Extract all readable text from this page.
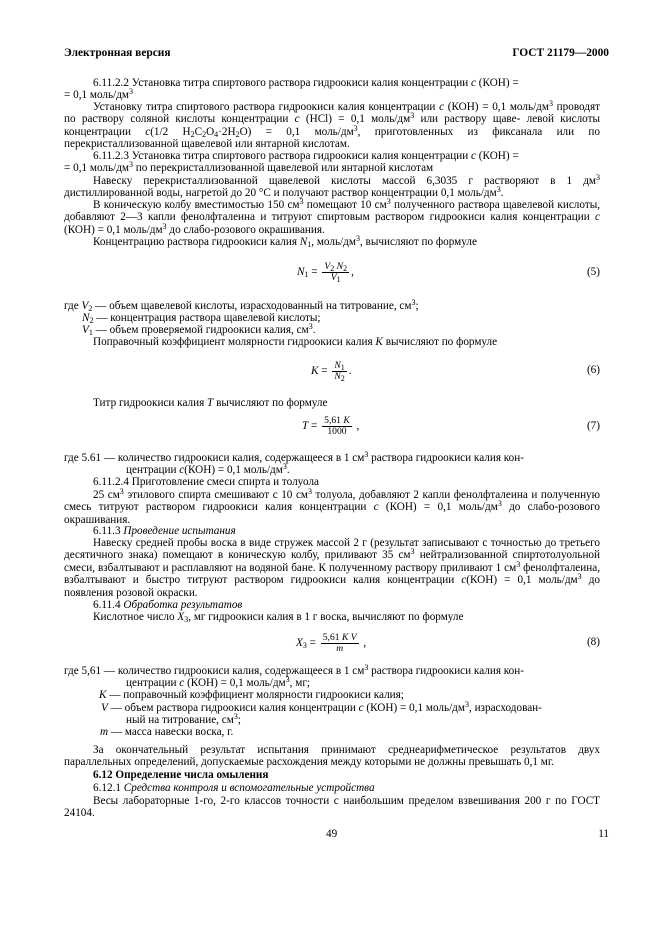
Электронная версия	ГОСТ 21179—2000
6.11.2.2 Установка титра спиртового раствора гидроокиси калия концентрации c (КОН) =
= 0,1 моль/$дм^3$
Установку титра спиртового раствора гидроокиси калия концентрации c (КОН) = 0,1 моль/$дм^3$ проводят по раствору соляной кислоты концентрации c (HCl) = 0,1 моль/$дм^3$ или раствору щаве- левой кислоты концентрации c(1/2 $H_2C_2O_4\cdot 2H_2O) = 0,1$ моль/$дм^3$, приготовленных из фиксанала или по перекристаллизованной щавелевой или янтарной кислотам.
6.11.2.3 Установка титра спиртового раствора гидроокиси калия концентрации c (КОН) =
= 0,1 моль/$дм^3$ по перекристаллизованной щавелевой или янтарной кислотам
Навеску перекристаллизованной щавелевой кислоты массой 6,3035 г растворяют в 1 $дм^3$ дистиллированной воды, нагретой до 20 °С и получают раствор концентрации 0,1 моль/$дм^3$.
В коническую колбу вместимостью 150 $см^3$ помещают 10 $см^3$ полученного раствора щавелевой кислоты, добавляют 2—3 капли фенолфталеина и титруют спиртовым раствором гидроокиси калия концентрации c (КОН) = 0,1 моль/$дм^3$ до слабо-розового окрашивания.
Концентрацию раствора гидроокиси калия $N_1$, моль/$дм^3$, вычисляют по формуле
$N_1 = \frac{V_2 N_2}{V_1}$ ,	(5)
где $V_2$ — объем щавелевой кислоты, израсходованный на титрование, $см^3$;
$N_2$ — концентрация раствора щавелевой кислоты;
$V_1$ — объем проверяемой гидроокиси калия, $см^3$.
Поправочный коэффициент молярности гидроокиси калия K вычисляют по формуле
$K = \frac{N_1}{N_2}$ .	(6)
Титр гидроокиси калия T вычисляют по формуле
$T = \frac{5,61 K}{1000}$ ,	(7)
где 5.61 — количество гидроокиси калия, содержащееся в 1 $см^3$ раствора гидроокиси калия кон-
центрации c(КОН) = 0,1 моль/$дм^3$.
6.11.2.4 Приготовление смеси спирта и толуола
25 $см^3$ этилового спирта смешивают с 10 $см^3$ толуола, добавляют 2 капли фенолфталеина и полученную смесь титруют раствором гидроокиси калия концентрации c (КОН) = 0,1 моль/$дм^3$ до слабо-розового окрашивания.
6.11.3 Проведение испытания
Навеску средней пробы воска в виде стружек массой 2 г (результат записывают с точностью до третьего десятичного знака) помещают в коническую колбу, приливают 35 $см^3$ нейтрализованной спиртотолуольной смеси, взбалтывают и расплавляют на водяной бане. К полученному раствору приливают 1 $см^3$ фенолфталеина, взбалтывают и быстро титруют раствором гидроокиси калия концентрации c(КОН) = 0,1 моль/$дм^3$ до появления розовой окраски.
6.11.4 Обработка результатов
Кислотное число $X_3$, мг гидроокиси калия в 1 г воска, вычисляют по формуле
$X_3 = \frac{\text{5,61 K V}}{m}$ ,	(8)
где 5,61 — количество гидроокиси калия, содержащееся в 1 $см^3$ раствора гидроокиси калия кон-
центрации c (КОН) = 0,1 моль/$дм^3$, мг;
K — поправочный коэффициент молярности гидроокиси калия;
V — объем раствора гидроокиси калия концентрации c (КОН) = 0,1 моль/$дм^3$, израсходован-
ный на титрование, $см^3$;
m — масса навески воска, г.
За окончательный результат испытания принимают среднеарифметическое результатов двух параллельных определений, допускаемые расхождения между которыми не должны превышать 0,1 мг.
6.12 Определение числа омыления
6.12.1 Средства контроля и вспомогательные устройства
Весы лабораторные 1-го, 2-го классов точности с наибольшим пределом взвешивания 200 г по ГОСТ 24104.
49	11
